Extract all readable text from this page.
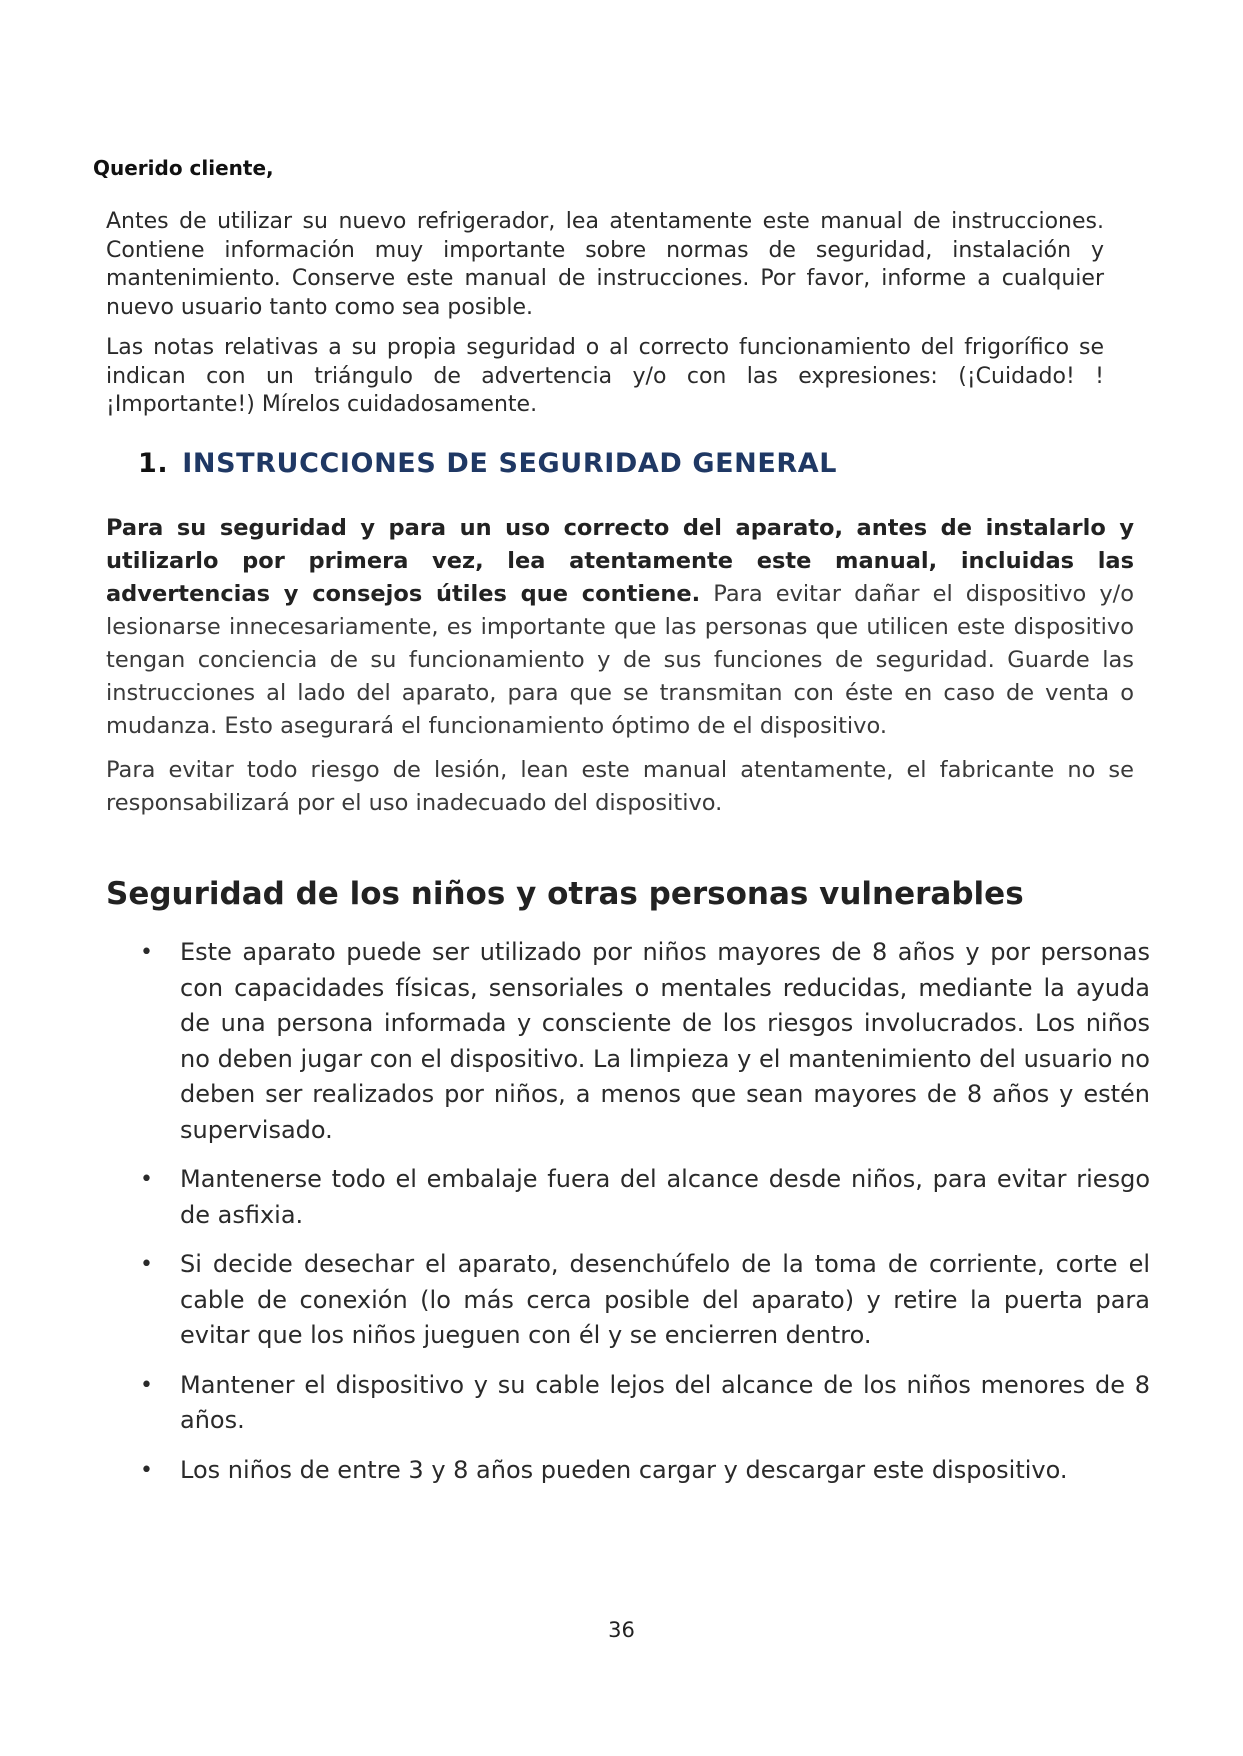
Querido cliente,

Antes de utilizar su nuevo refrigerador, lea atentamente este manual de instrucciones. Contiene información muy importante sobre normas de seguridad, instalación y mantenimiento. Conserve este manual de instrucciones. Por favor, informe a cualquier nuevo usuario tanto como sea posible.

Las notas relativas a su propia seguridad o al correcto funcionamiento del frigorífico se indican con un triángulo de advertencia y/o con las expresiones: (¡Cuidado! ! ¡Importante!) Mírelos cuidadosamente.

1. INSTRUCCIONES DE SEGURIDAD GENERAL

Para su seguridad y para un uso correcto del aparato, antes de instalarlo y utilizarlo por primera vez, lea atentamente este manual, incluidas las advertencias y consejos útiles que contiene. Para evitar dañar el dispositivo y/o lesionarse innecesariamente, es importante que las personas que utilicen este dispositivo tengan conciencia de su funcionamiento y de sus funciones de seguridad. Guarde las instrucciones al lado del aparato, para que se transmitan con éste en caso de venta o mudanza. Esto asegurará el funcionamiento óptimo de el dispositivo.

Para evitar todo riesgo de lesión, lean este manual atentamente, el fabricante no se responsabilizará por el uso inadecuado del dispositivo.

Seguridad de los niños y otras personas vulnerables
• Este aparato puede ser utilizado por niños mayores de 8 años y por personas con capacidades físicas, sensoriales o mentales reducidas, mediante la ayuda de una persona informada y consciente de los riesgos involucrados. Los niños no deben jugar con el dispositivo. La limpieza y el mantenimiento del usuario no deben ser realizados por niños, a menos que sean mayores de 8 años y estén supervisado.
• Mantenerse todo el embalaje fuera del alcance desde niños, para evitar riesgo de asfixia.
• Si decide desechar el aparato, desenchúfelo de la toma de corriente, corte el cable de conexión (lo más cerca posible del aparato) y retire la puerta para evitar que los niños jueguen con él y se encierren dentro.
• Mantener el dispositivo y su cable lejos del alcance de los niños menores de 8 años.
• Los niños de entre 3 y 8 años pueden cargar y descargar este dispositivo.
36
